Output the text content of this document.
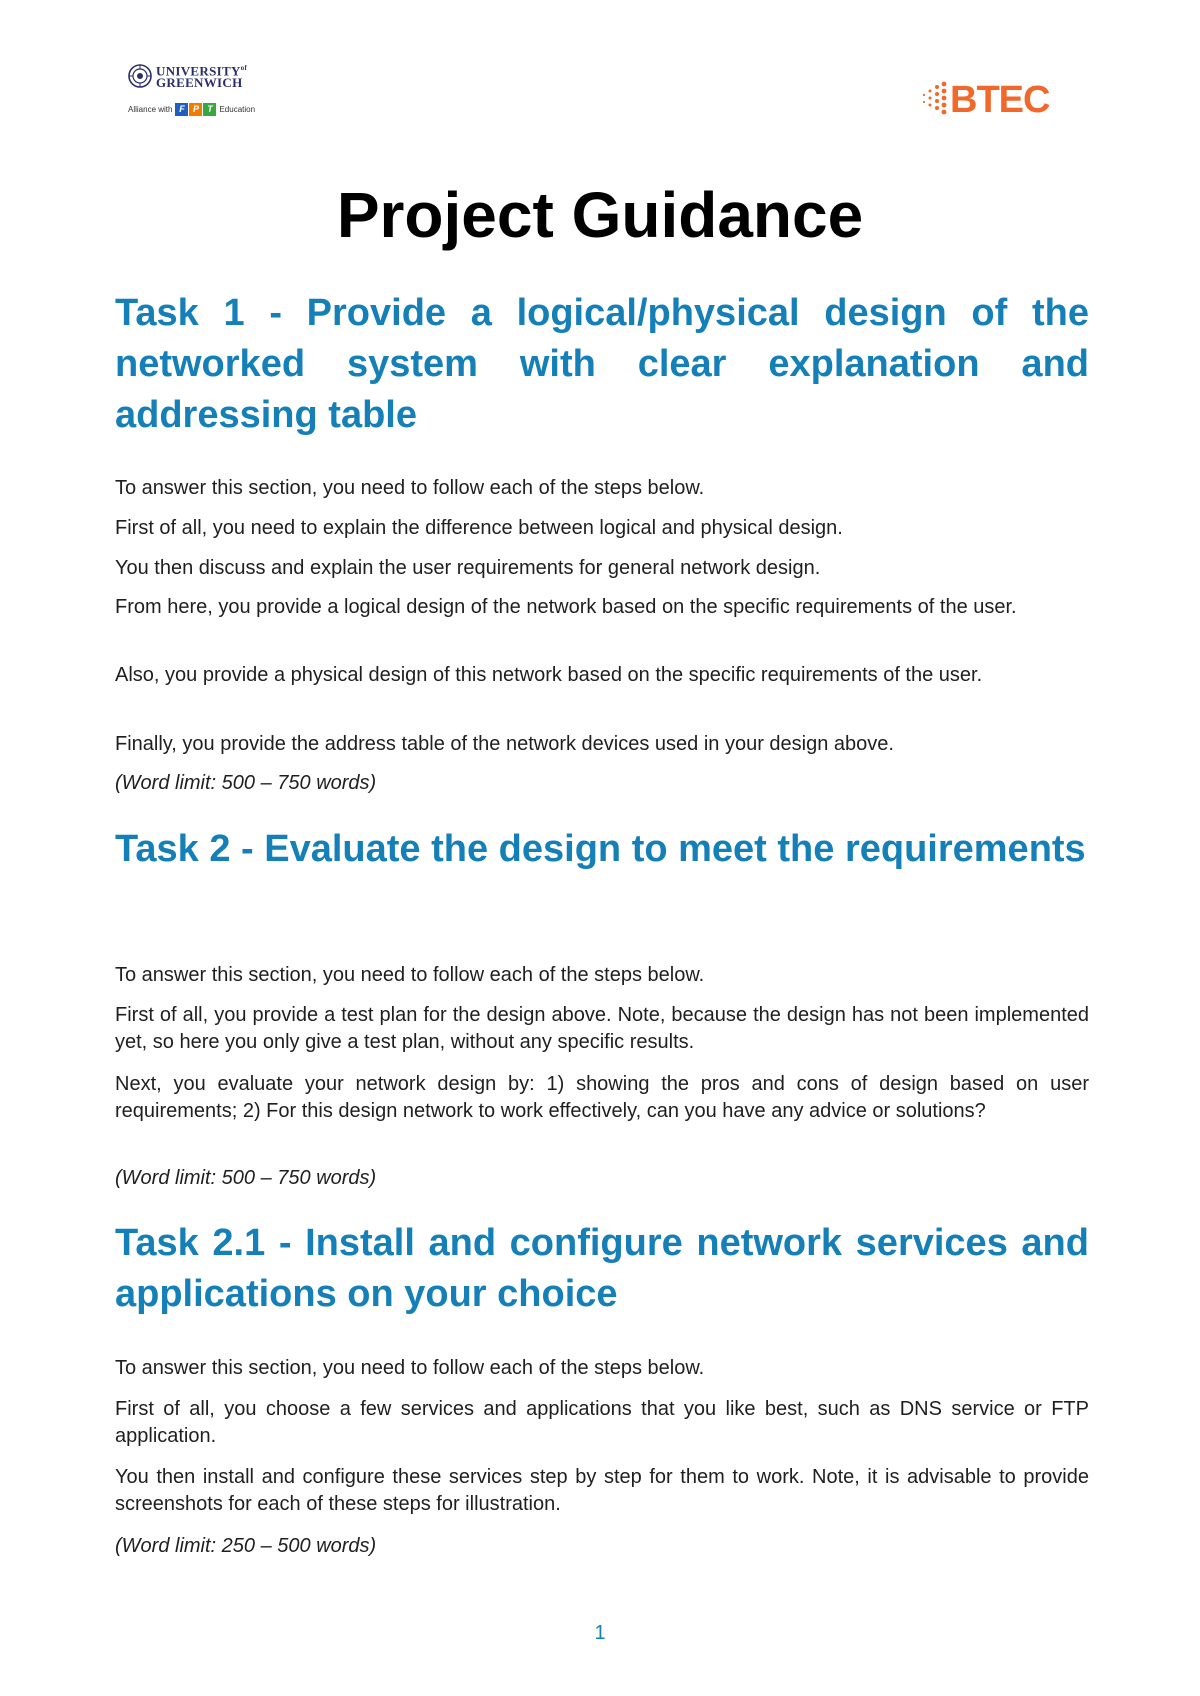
$UNIVERSITY^{of}$
GREENWICH
Alliance with F P T Education	BTEC
Project Guidance
Task 1 - Provide a logical/physical design of the networked system with clear explanation and addressing table

To answer this section, you need to follow each of the steps below.

First of all, you need to explain the difference between logical and physical design.

You then discuss and explain the user requirements for general network design.

From here, you provide a logical design of the network based on the specific requirements of the user.

Also, you provide a physical design of this network based on the specific requirements of the user.

Finally, you provide the address table of the network devices used in your design above.

(Word limit: 500 – 750 words)

Task 2 - Evaluate the design to meet the requirements

To answer this section, you need to follow each of the steps below.

First of all, you provide a test plan for the design above. Note, because the design has not been implemented yet, so here you only give a test plan, without any specific results.

Next, you evaluate your network design by: 1) showing the pros and cons of design based on user requirements; 2) For this design network to work effectively, can you have any advice or solutions?

(Word limit: 500 – 750 words)

Task 2.1 - Install and configure network services and applications on your choice

To answer this section, you need to follow each of the steps below.

First of all, you choose a few services and applications that you like best, such as DNS service or FTP application.

You then install and configure these services step by step for them to work. Note, it is advisable to provide screenshots for each of these steps for illustration.

(Word limit: 250 – 500 words)

1
